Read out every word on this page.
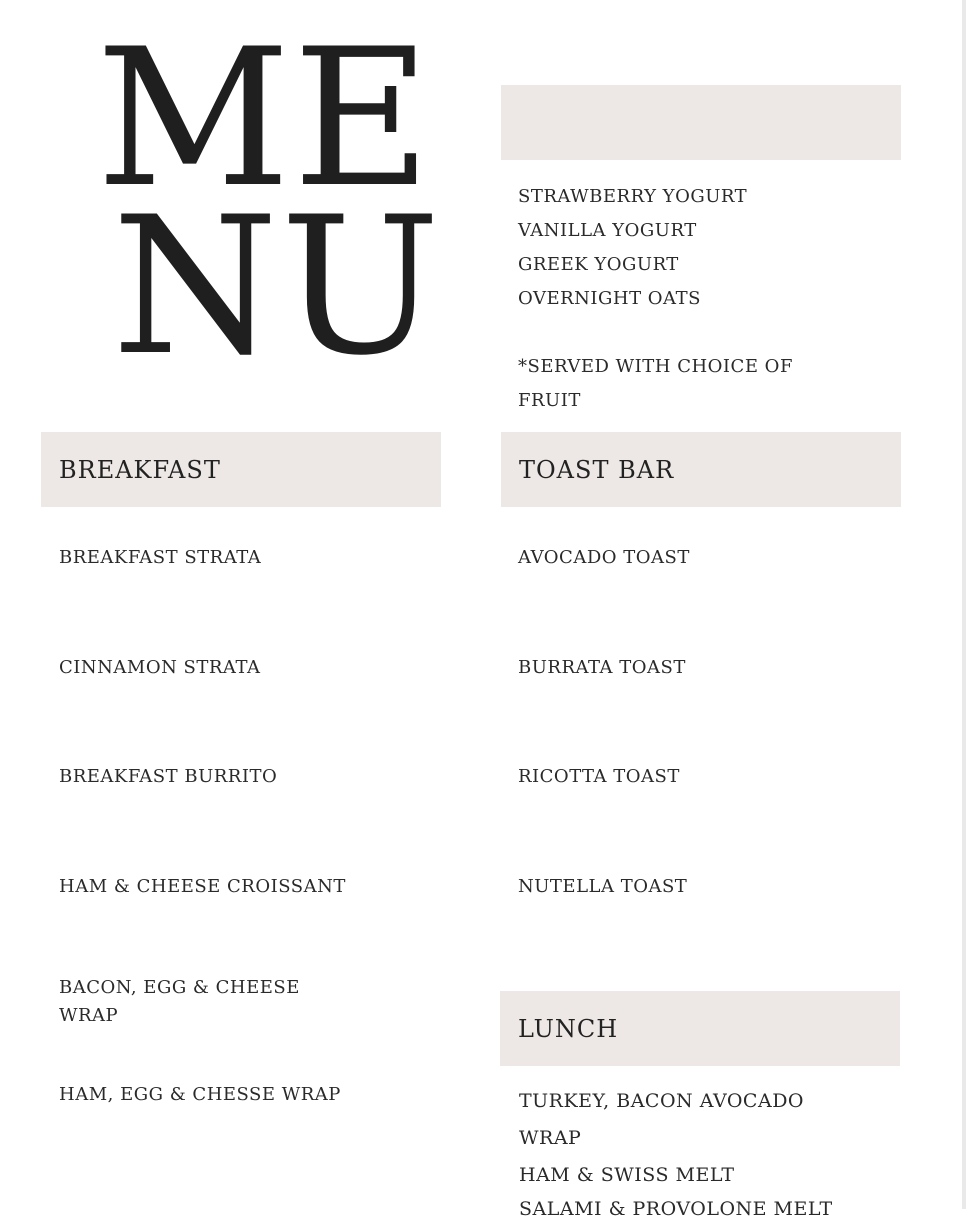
ME
NU	STRAWBERRY YOGURT
VANILLA YOGURT
GREEK YOGURT
OVERNIGHT OATS
*SERVED WITH CHOICE OF
FRUIT
BREAKFAST
BREAKFAST STRATA
CINNAMON STRATA
BREAKFAST BURRITO
HAM & CHEESE CROISSANT
BACON, EGG & CHEESE
WRAP
HAM, EGG & CHESSE WRAP
TOAST BAR
AVOCADO TOAST
BURRATA TOAST
RICOTTA TOAST
NUTELLA TOAST
LUNCH
TURKEY, BACON AVOCADO
WRAP
HAM & SWISS MELT
SALAMI & PROVOLONE MELT
